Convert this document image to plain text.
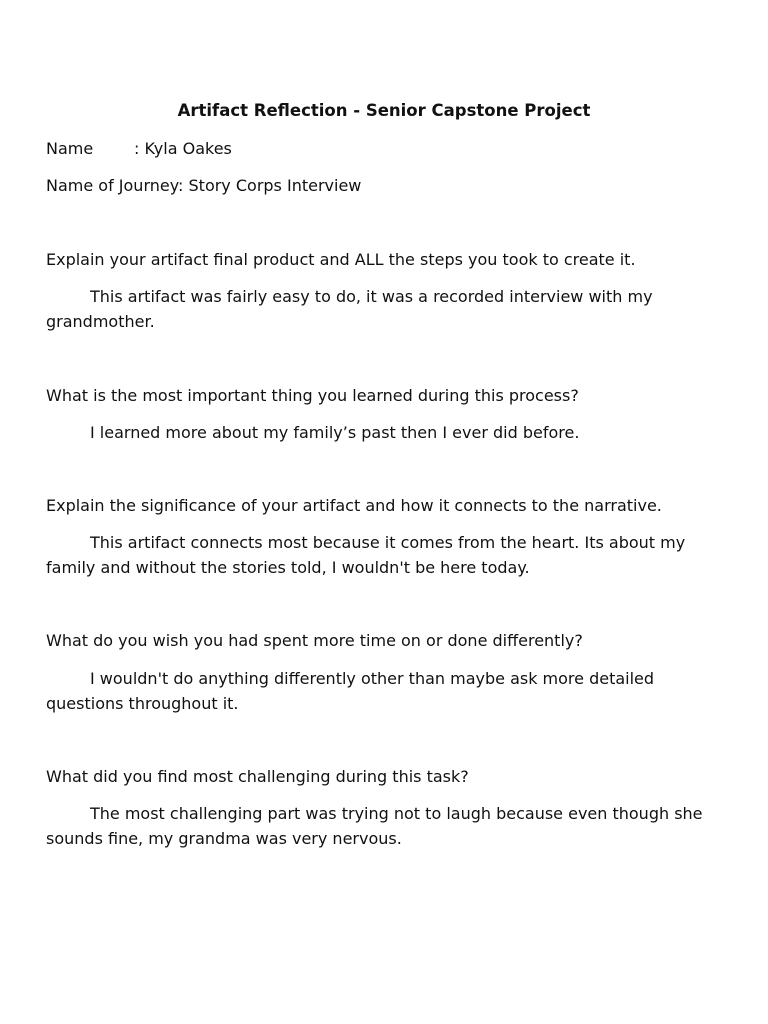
Artifact Reflection - Senior Capstone Project
Name	: Kyla Oakes
Name of Journey: Story Corps Interview
Explain your artifact final product and ALL the steps you took to create it.
This artifact was fairly easy to do, it was a recorded interview with my grandmother.
What is the most important thing you learned during this process?
I learned more about my family’s past then I ever did before.
Explain the significance of your artifact and how it connects to the narrative.
This artifact connects most because it comes from the heart. Its about my family and without the stories told, I wouldn't be here today.
What do you wish you had spent more time on or done differently?
I wouldn't do anything differently other than maybe ask more detailed questions throughout it.
What did you find most challenging during this task?
The most challenging part was trying not to laugh because even though she sounds fine, my grandma was very nervous.
